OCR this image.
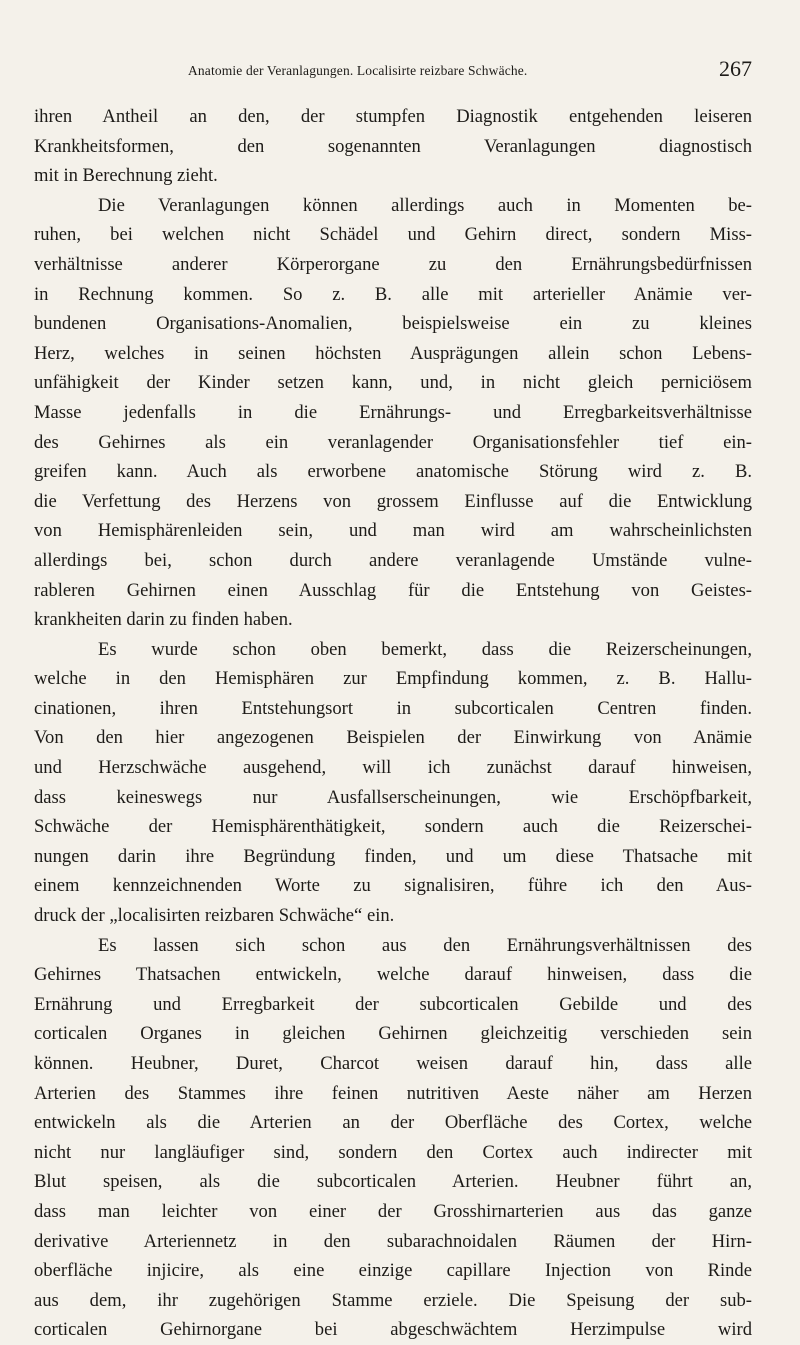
Anatomie der Veranlagungen. Localisirte reizbare Schwäche.	267
ihren Antheil an den, der stumpfen Diagnostik entgehenden leiseren
Krankheitsformen, den sogenannten Veranlagungen diagnostisch
mit in Berechnung zieht.
Die Veranlagungen können allerdings auch in Momenten be-
ruhen, bei welchen nicht Schädel und Gehirn direct, sondern Miss-
verhältnisse anderer Körperorgane zu den Ernährungsbedürfnissen
in Rechnung kommen. So z. B. alle mit arterieller Anämie ver-
bundenen Organisations-Anomalien, beispielsweise ein zu kleines
Herz, welches in seinen höchsten Ausprägungen allein schon Lebens-
unfähigkeit der Kinder setzen kann, und, in nicht gleich perniciösem
Masse jedenfalls in die Ernährungs- und Erregbarkeitsverhältnisse
des Gehirnes als ein veranlagender Organisationsfehler tief ein-
greifen kann. Auch als erworbene anatomische Störung wird z. B.
die Verfettung des Herzens von grossem Einflusse auf die Entwicklung
von Hemisphärenleiden sein, und man wird am wahrscheinlichsten
allerdings bei, schon durch andere veranlagende Umstände vulne-
rableren Gehirnen einen Ausschlag für die Entstehung von Geistes-
krankheiten darin zu finden haben.
Es wurde schon oben bemerkt, dass die Reizerscheinungen,
welche in den Hemisphären zur Empfindung kommen, z. B. Hallu-
cinationen, ihren Entstehungsort in subcorticalen Centren finden.
Von den hier angezogenen Beispielen der Einwirkung von Anämie
und Herzschwäche ausgehend, will ich zunächst darauf hinweisen,
dass keineswegs nur Ausfallserscheinungen, wie Erschöpfbarkeit,
Schwäche der Hemisphärenthätigkeit, sondern auch die Reizerschei-
nungen darin ihre Begründung finden, und um diese Thatsache mit
einem kennzeichnenden Worte zu signalisiren, führe ich den Aus-
druck der „localisirten reizbaren Schwäche“ ein.
Es lassen sich schon aus den Ernährungsverhältnissen des
Gehirnes Thatsachen entwickeln, welche darauf hinweisen, dass die
Ernährung und Erregbarkeit der subcorticalen Gebilde und des
corticalen Organes in gleichen Gehirnen gleichzeitig verschieden sein
können. Heubner, Duret, Charcot weisen darauf hin, dass alle
Arterien des Stammes ihre feinen nutritiven Aeste näher am Herzen
entwickeln als die Arterien an der Oberfläche des Cortex, welche
nicht nur langläufiger sind, sondern den Cortex auch indirecter mit
Blut speisen, als die subcorticalen Arterien. Heubner führt an,
dass man leichter von einer der Grosshirnarterien aus das ganze
derivative Arteriennetz in den subarachnoidalen Räumen der Hirn-
oberfläche injicire, als eine einzige capillare Injection von Rinde
aus dem, ihr zugehörigen Stamme erziele. Die Speisung der sub-
corticalen Gehirnorgane bei abgeschwächtem Herzimpulse wird
